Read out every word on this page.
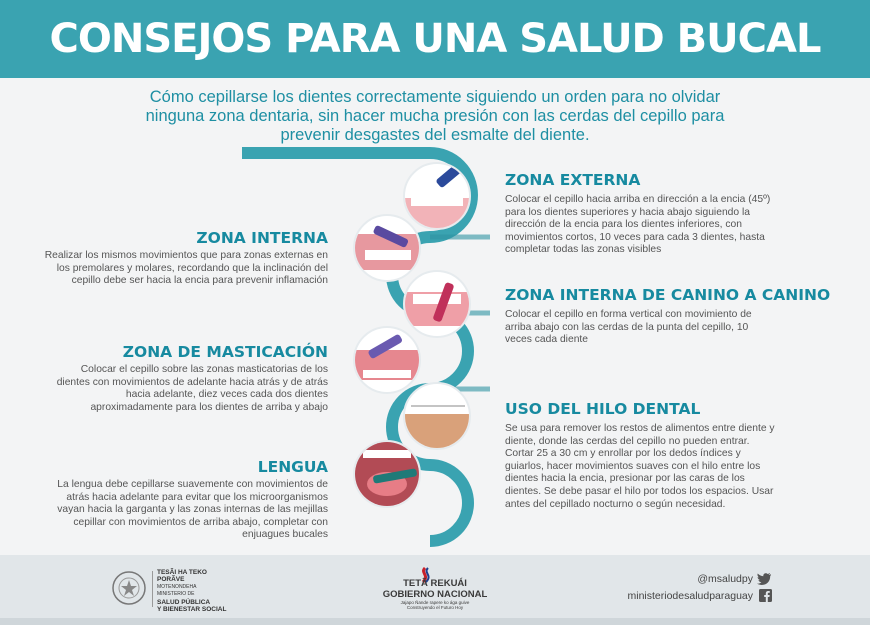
CONSEJOS PARA UNA SALUD BUCAL
Cómo cepillarse los dientes correctamente siguiendo un orden para no olvidar ninguna zona dentaria, sin hacer mucha presión con las cerdas del cepillo para prevenir desgastes del esmalte del diente.
ZONA EXTERNA
Colocar el cepillo hacia arriba en dirección a la encia (45º) para los dientes superiores y hacia abajo siguiendo la dirección de la encia para los dientes inferiores, con movimientos cortos, 10 veces para cada 3 dientes, hasta completar todas las zonas visibles
ZONA INTERNA DE CANINO A CANINO
Colocar el cepillo en forma vertical con movimiento de arriba abajo con las cerdas de la punta del cepillo, 10 veces cada diente
USO DEL HILO DENTAL
Se usa para remover los restos de alimentos entre diente y diente, donde las cerdas del cepillo no pueden entrar. Cortar 25 a 30 cm y enrollar por los dedos índices y guiarlos, hacer movimientos suaves con el hilo entre los dientes hacia la encia, presionar por las caras de los dientes. Se debe pasar el hilo por todos los espacios. Usar antes del cepillado nocturno o según necesidad.
ZONA INTERNA
Realizar los mismos movimientos que para zonas externas en los premolares y molares, recordando que la inclinación del cepillo debe ser hacia la encia para prevenir inflamación
ZONA DE MASTICACIÓN
Colocar el cepillo sobre las zonas masticatorias de los dientes con movimientos de adelante hacia atrás y de atrás hacia adelante, diez veces cada dos dientes aproximadamente para los dientes de arriba y abajo
LENGUA
La lengua debe cepillarse suavemente con movimientos de atrás hacia adelante para evitar que los microorganismos vayan hacia la garganta y las zonas internas de las mejillas cepillar con movimientos de arriba abajo, completar con enjuagues bucales
TESÃI HA TEKO
PORÃVE
MOTENONDEHA
MINISTERIO DE
SALUD PÚBLICA
Y BIENESTAR SOCIAL
TETÃ REKUÁI
GOBIERNO NACIONAL
Jajapo Ñande rapere ko ága guive
Construyendo el Futuro Hoy
@msaludpy
ministeriodesaludparaguay
